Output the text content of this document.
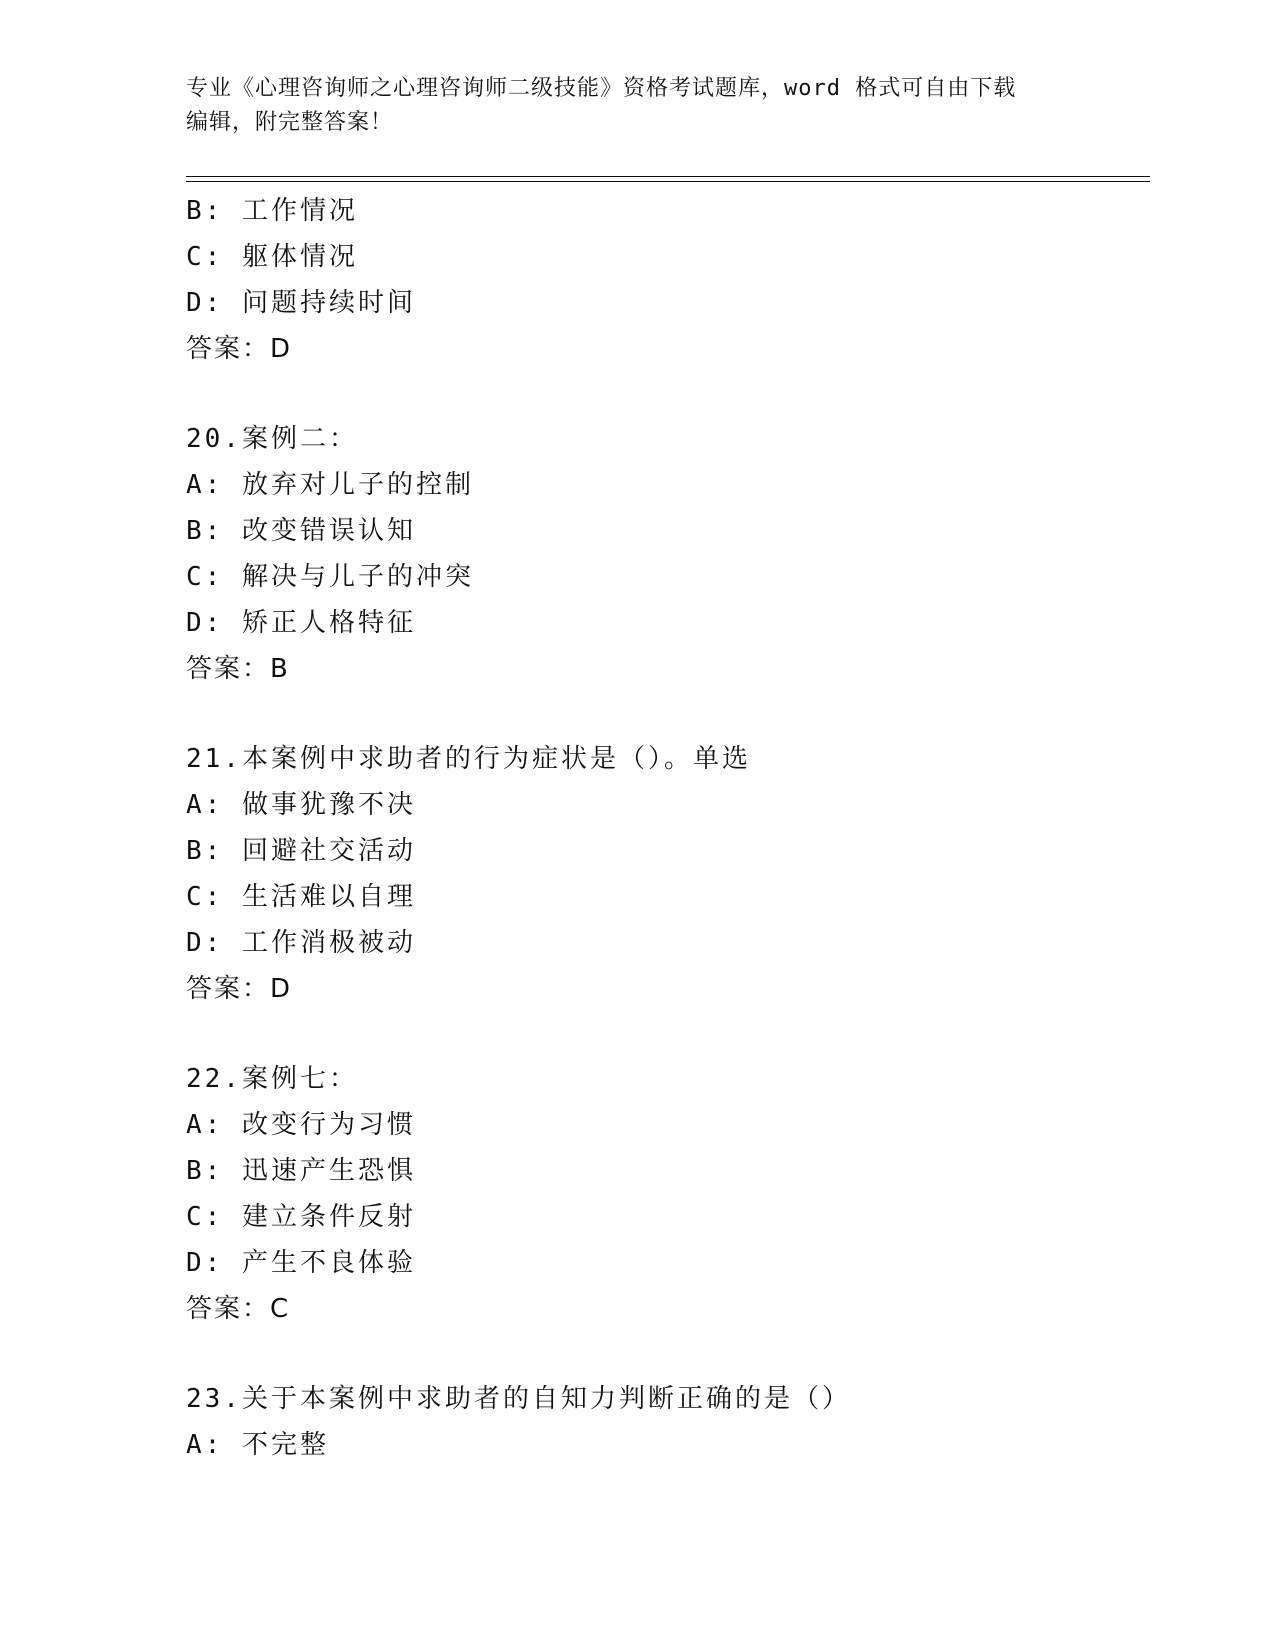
专业《心理咨询师之心理咨询师二级技能》资格考试题库，word 格式可自由下载
编辑，附完整答案！
B: 工作情况
C: 躯体情况
D: 问题持续时间
答案：D
20.案例二：
A: 放弃对儿子的控制
B: 改变错误认知
C: 解决与儿子的冲突
D: 矫正人格特征
答案：B
21.本案例中求助者的行为症状是（）。单选
A: 做事犹豫不决
B: 回避社交活动
C: 生活难以自理
D: 工作消极被动
答案：D
22.案例七：
A: 改变行为习惯
B: 迅速产生恐惧
C: 建立条件反射
D: 产生不良体验
答案：C
23.关于本案例中求助者的自知力判断正确的是（）
A: 不完整
